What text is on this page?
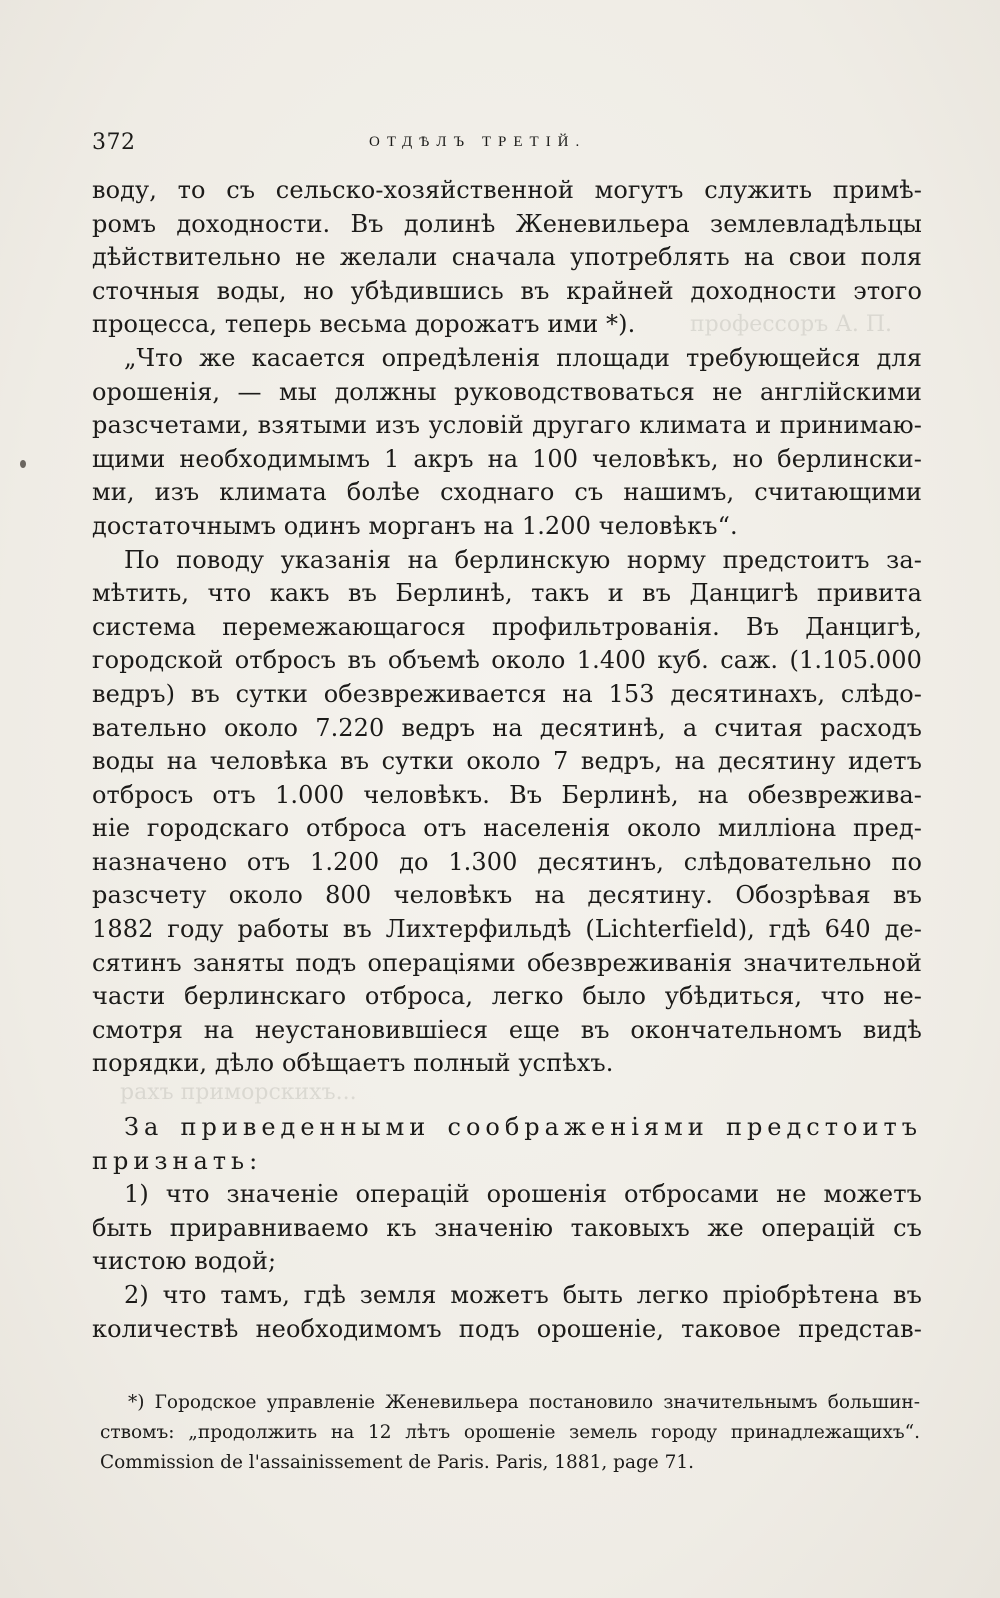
профессоръ А. П.
рахъ приморскихъ...
372	ОТДѢЛЪ ТРЕТІЙ.
воду, то съ сельско-хозяйственной могутъ служить примѣ-
ромъ доходности. Въ долинѣ Женевильера землевладѣльцы
дѣйствительно не желали сначала употреблять на свои поля
сточныя воды, но убѣдившись въ крайней доходности этого
процесса, теперь весьма дорожатъ ими *).
„Что же касается опредѣленія площади требующейся для
орошенія, — мы должны руководствоваться не англійскими
разсчетами, взятыми изъ условій другаго климата и принимаю-
щими необходимымъ 1 акръ на 100 человѣкъ, но берлински-
ми, изъ климата болѣе сходнаго съ нашимъ, считающими
достаточнымъ одинъ морганъ на 1.200 человѣкъ“.
По поводу указанія на берлинскую норму предстоитъ за-
мѣтить, что какъ въ Берлинѣ, такъ и въ Данцигѣ привита
система перемежающагося профильтрованія. Въ Данцигѣ,
городской отбросъ въ объемѣ около 1.400 куб. саж. (1.105.000
ведръ) въ сутки обезвреживается на 153 десятинахъ, слѣдо-
вательно около 7.220 ведръ на десятинѣ, а считая расходъ
воды на человѣка въ сутки около 7 ведръ, на десятину идетъ
отбросъ отъ 1.000 человѣкъ. Въ Берлинѣ, на обезврежива-
ніе городскаго отброса отъ населенія около милліона пред-
назначено отъ 1.200 до 1.300 десятинъ, слѣдовательно по
разсчету около 800 человѣкъ на десятину. Обозрѣвая въ
1882 году работы въ Лихтерфильдѣ (Lichterfield), гдѣ 640 де-
сятинъ заняты подъ операціями обезвреживанія значительной
части берлинскаго отброса, легко было убѣдиться, что не-
смотря на неустановившіеся еще въ окончательномъ видѣ
порядки, дѣло обѣщаетъ полный успѣхъ.
За приведенными соображеніями предстоитъ
признать:
1) что значеніе операцій орошенія отбросами не можетъ
быть приравниваемо къ значенію таковыхъ же операцій съ
чистою водой;
2) что тамъ, гдѣ земля можетъ быть легко пріобрѣтена въ
количествѣ необходимомъ подъ орошеніе, таковое представ-
*) Городское управленіе Женевильера постановило значительнымъ большин-
ствомъ: „продолжить на 12 лѣтъ орошеніе земель городу принадлежащихъ“.
Commission de l'assainissement de Paris. Paris, 1881, page 71.
